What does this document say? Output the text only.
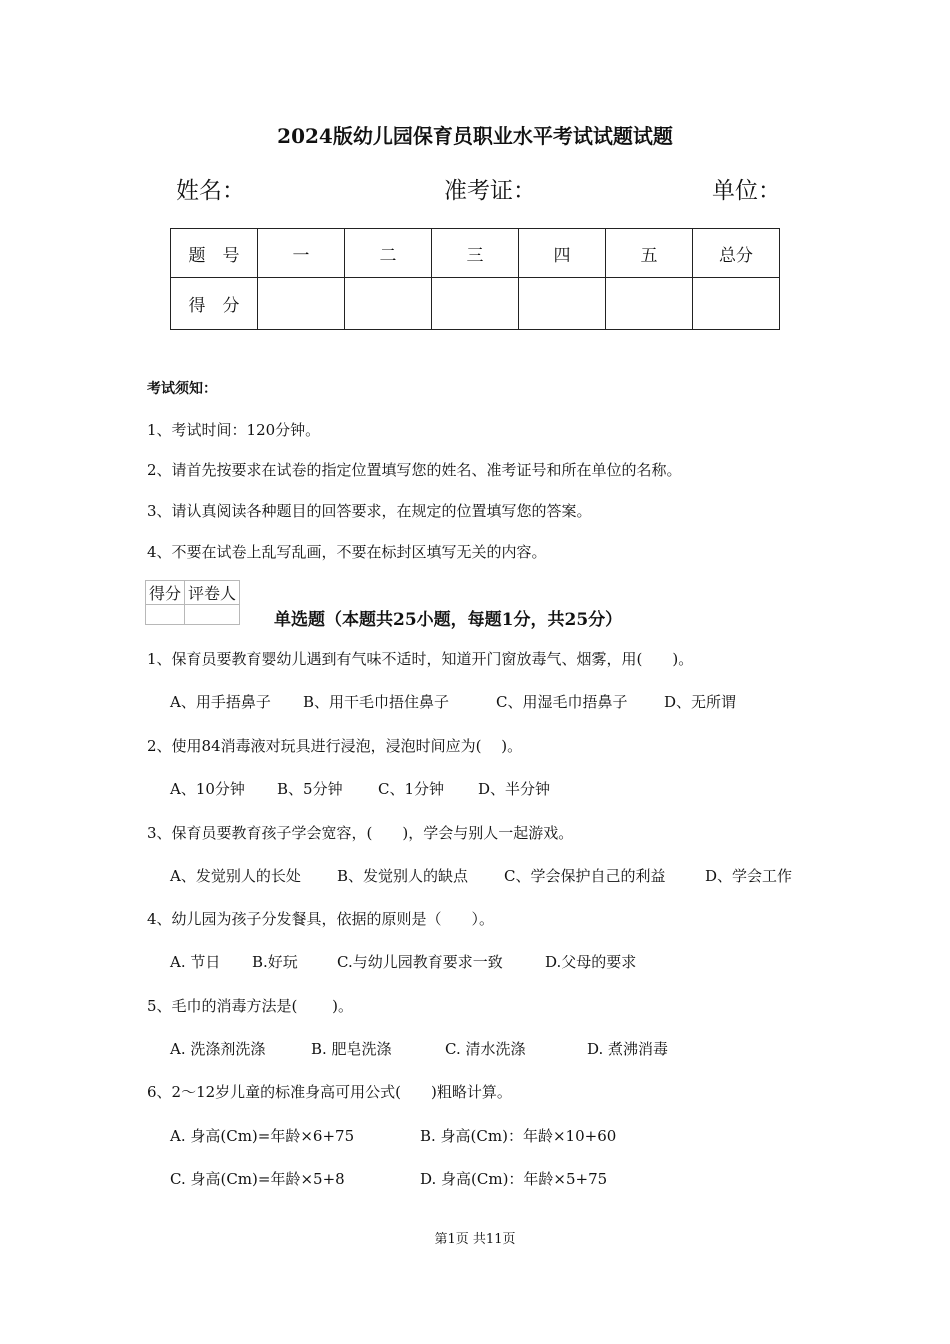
2024版幼儿园保育员职业水平考试试题试题
姓名：	准考证：	单位：
题　号	一	二	三	四	五	总分
得　分						
考试须知：
1、考试时间：120分钟。
2、请首先按要求在试卷的指定位置填写您的姓名、准考证号和所在单位的名称。
3、请认真阅读各种题目的回答要求，在规定的位置填写您的答案。
4、不要在试卷上乱写乱画，不要在标封区填写无关的内容。
得分	评卷人

单选题（本题共25小题，每题1分，共25分）
1、保育员要教育婴幼儿遇到有气味不适时，知道开门窗放毒气、烟雾，用(　　)。
A、用手捂鼻子 B、用干毛巾捂住鼻子	C、用湿毛巾捂鼻子 D、无所谓
2、使用84消毒液对玩具进行浸泡，浸泡时间应为(　 )。
A、10分钟 B、5分钟 C、1分钟 D、半分钟
3、保育员要教育孩子学会宽容，(　　)，学会与别人一起游戏。
A、发觉别人的长处 B、发觉别人的缺点 C、学会保护自己的利益	D、学会工作
4、幼儿园为孩子分发餐具，依据的原则是（　　）。
A. 节日 B.好玩	C.与幼儿园教育要求一致	D.父母的要求
5、毛巾的消毒方法是(　　 )。
A. 洗涤剂洗涤	B. 肥皂洗涤	C. 清水洗涤	D. 煮沸消毒
6、2～12岁儿童的标准身高可用公式(　　)粗略计算。
A. 身高(Cm)=年龄×6+75	B. 身高(Cm)：年龄×10+60
C. 身高(Cm)=年龄×5+8	D. 身高(Cm)：年龄×5+75
第1页 共11页
